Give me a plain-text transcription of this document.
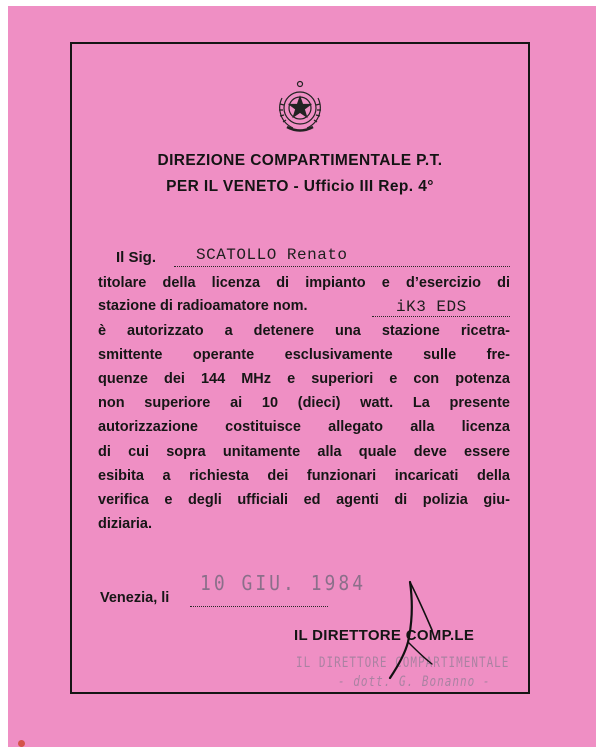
DIREZIONE COMPARTIMENTALE P.T.
PER IL VENETO - Ufficio III Rep. 4°
Il Sig. SCATOLLO Renato
titolare della licenza di impianto e d’esercizio di
stazione di radioamatore nom.	iK3 EDS
è autorizzato a detenere una stazione ricetra-
smittente operante esclusivamente sulle fre-
quenze dei 144 MHz e superiori e con potenza
non superiore ai 10 (dieci) watt. La presente
autorizzazione costituisce allegato alla licenza
di cui sopra unitamente alla quale deve essere
esibita a richiesta dei funzionari incaricati della
verifica e degli ufficiali ed agenti di polizia giu-
diziaria.
Venezia, li
10 GIU. 1984
IL DIRETTORE COMP.LE
IL DIRETTORE COMPARTIMENTALE
- dott. G. Bonanno -
